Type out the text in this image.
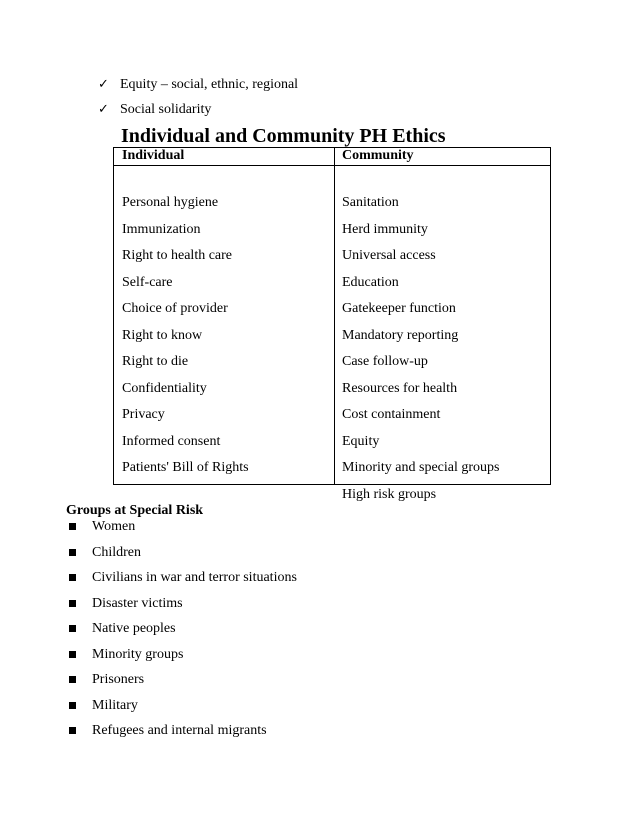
✓ Equity – social, ethnic, regional
✓ Social solidarity
Individual and Community PH Ethics
Individual	Community
Personal hygiene
Immunization
Right to health care
Self-care
Choice of provider
Right to know
Right to die
Confidentiality
Privacy
Informed consent
Patients' Bill of Rights
Sanitation
Herd immunity
Universal access
Education
Gatekeeper function
Mandatory reporting
Case follow-up
Resources for health
Cost containment
Equity
Minority and special groups
High risk groups
Groups at Special Risk
Women
Children
Civilians in war and terror situations
Disaster victims
Native peoples
Minority groups
Prisoners
Military
Refugees and internal migrants
